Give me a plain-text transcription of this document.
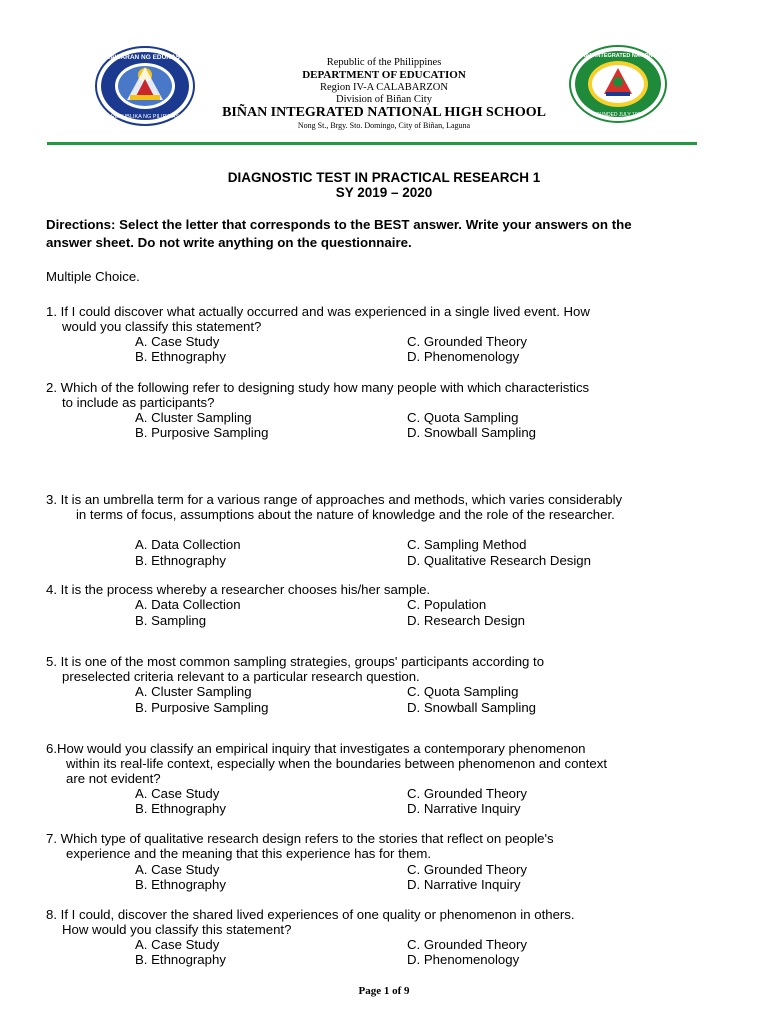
KAGAWARAN NG EDUKASYON
REPUBLIKA NG PILIPINAS
BIÑAN INTEGRATED NATIONAL
FOUNDED JULY 1998
Republic of the Philippines
DEPARTMENT OF EDUCATION
Region IV-A CALABARZON
Division of Biñan City
BIÑAN INTEGRATED NATIONAL HIGH SCHOOL
Nong St., Brgy. Sto. Domingo, City of Biñan, Laguna
DIAGNOSTIC TEST IN PRACTICAL RESEARCH 1
SY 2019 – 2020
Directions: Select the letter that corresponds to the BEST answer. Write your answers on the
answer sheet. Do not write anything on the questionnaire.
Multiple Choice.
1. If I could discover what actually occurred and was experienced in a single lived event. How
would you classify this statement?
A. Case Study	C. Grounded Theory
B. Ethnography	D. Phenomenology
2. Which of the following refer to designing study how many people with which characteristics
to include as participants?
A. Cluster Sampling	C. Quota Sampling
B. Purposive Sampling	D. Snowball Sampling
3. It is an umbrella term for a various range of approaches and methods, which varies considerably
in terms of focus, assumptions about the nature of knowledge and the role of the researcher.
A. Data Collection	C. Sampling Method
B. Ethnography	D. Qualitative Research Design
4. It is the process whereby a researcher chooses his/her sample.
A. Data Collection	C. Population
B. Sampling	D. Research Design
5. It is one of the most common sampling strategies, groups' participants according to
preselected criteria relevant to a particular research question.
A. Cluster Sampling	C. Quota Sampling
B. Purposive Sampling	D. Snowball Sampling
6.How would you classify an empirical inquiry that investigates a contemporary phenomenon
within its real-life context, especially when the boundaries between phenomenon and context
are not evident?
A. Case Study	C. Grounded Theory
B. Ethnography	D. Narrative Inquiry
7. Which type of qualitative research design refers to the stories that reflect on people's
experience and the meaning that this experience has for them.
A. Case Study	C. Grounded Theory
B. Ethnography	D. Narrative Inquiry
8. If I could, discover the shared lived experiences of one quality or phenomenon in others.
How would you classify this statement?
A. Case Study	C. Grounded Theory
B. Ethnography	D. Phenomenology
Page 1 of 9
